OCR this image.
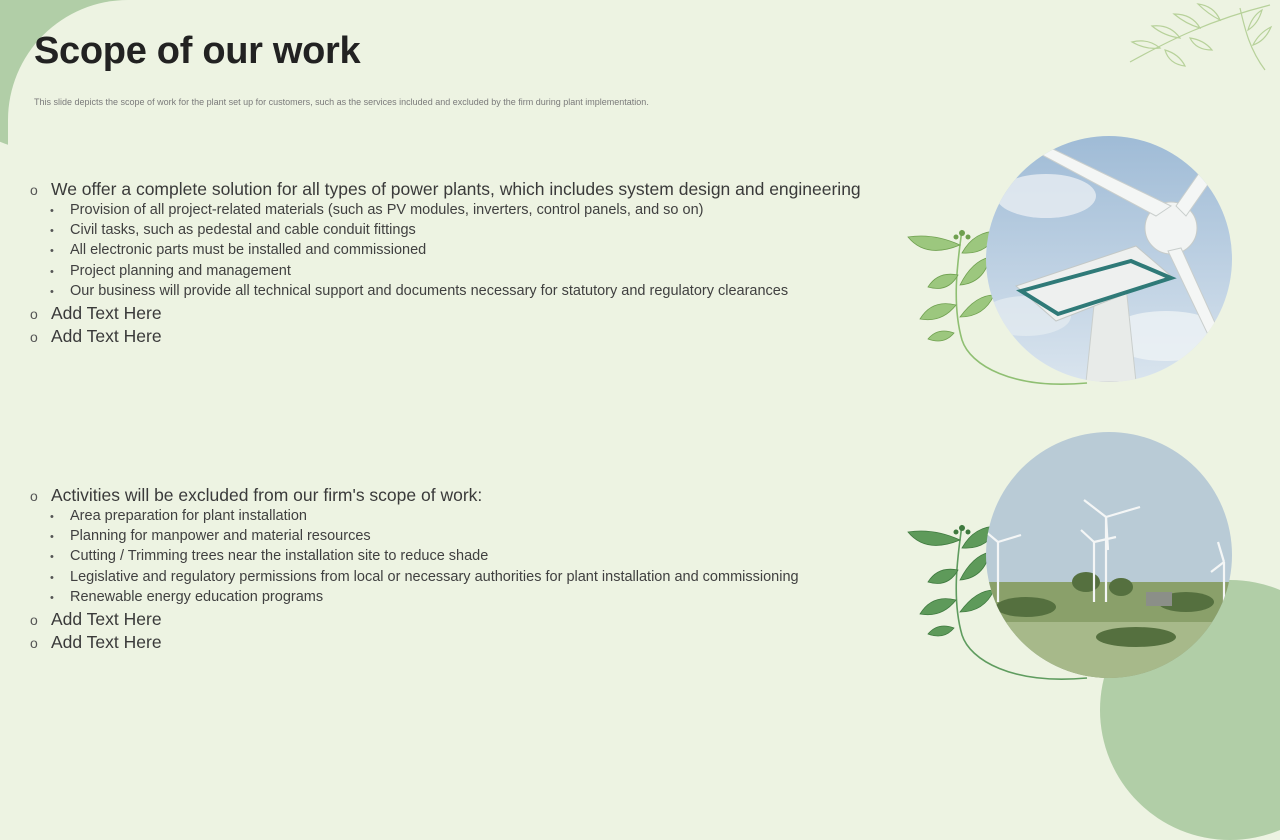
Scope of our work
This slide depicts the scope of work for the plant set up for customers, such as the services included and excluded by the firm during plant implementation.
o We offer a complete solution for all types of power plants, which includes system design and engineering
•	Provision of all project-related materials (such as PV modules, inverters, control panels, and so on)
•	Civil tasks, such as pedestal and cable conduit fittings
•	All electronic parts must be installed and commissioned
•	Project planning and management
•	Our business will provide all technical support and documents necessary for statutory and regulatory clearances
o Add Text Here
o Add Text Here
o Activities will be excluded from our firm's scope of work:
•	Area preparation for plant installation
•	Planning for manpower and material resources
•	Cutting / Trimming trees near the installation site to reduce shade
•	Legislative and regulatory permissions from local or necessary authorities for plant installation and commissioning
•	Renewable energy education programs
o Add Text Here
o Add Text Here
